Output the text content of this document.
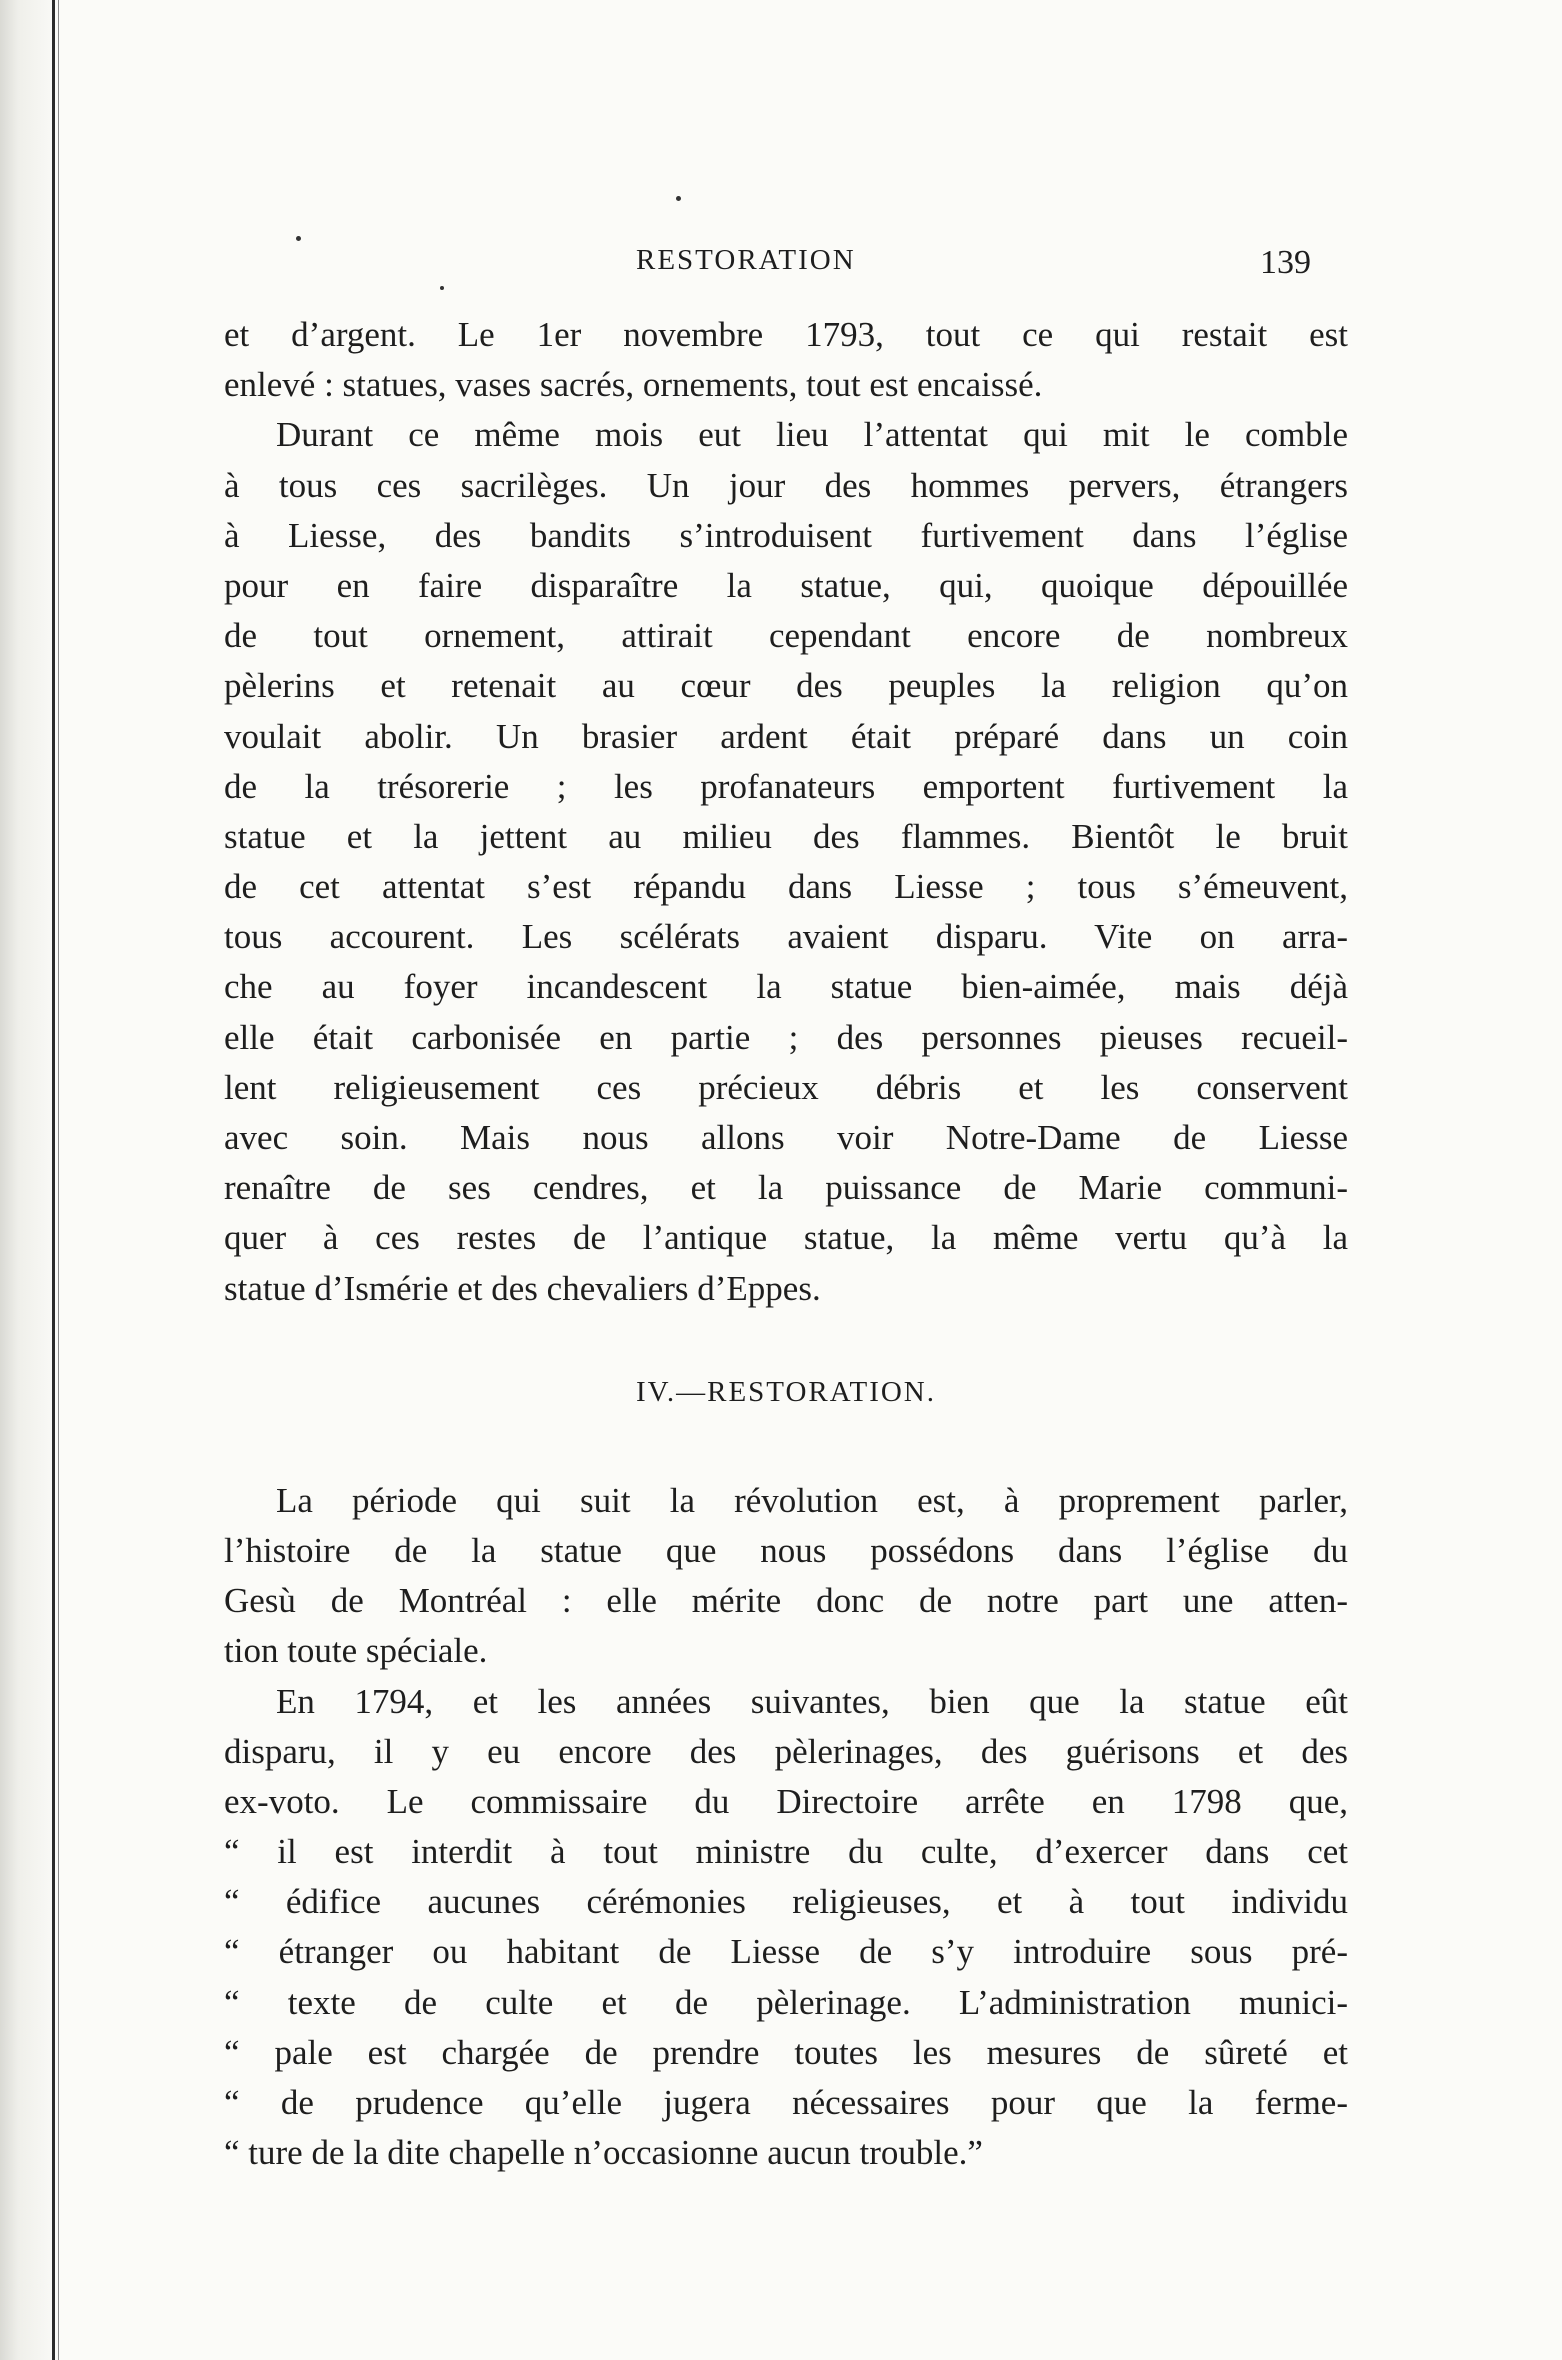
RESTORATION	139
et d’argent. Le 1er novembre 1793, tout ce qui restait est
enlevé : statues, vases sacrés, ornements, tout est encaissé.
Durant ce même mois eut lieu l’attentat qui mit le comble
à tous ces sacrilèges. Un jour des hommes pervers, étrangers
à Liesse, des bandits s’introduisent furtivement dans l’église
pour en faire disparaître la statue, qui, quoique dépouillée
de tout ornement, attirait cependant encore de nombreux
pèlerins et retenait au cœur des peuples la religion qu’on
voulait abolir. Un brasier ardent était préparé dans un coin
de la trésorerie ; les profanateurs emportent furtivement la
statue et la jettent au milieu des flammes. Bientôt le bruit
de cet attentat s’est répandu dans Liesse ; tous s’émeuvent,
tous accourent. Les scélérats avaient disparu. Vite on arra-
che au foyer incandescent la statue bien-aimée, mais déjà
elle était carbonisée en partie ; des personnes pieuses recueil-
lent religieusement ces précieux débris et les conservent
avec soin. Mais nous allons voir Notre-Dame de Liesse
renaître de ses cendres, et la puissance de Marie communi-
quer à ces restes de l’antique statue, la même vertu qu’à la
statue d’Ismérie et des chevaliers d’Eppes.
IV.—RESTORATION.
La période qui suit la révolution est, à proprement parler,
l’histoire de la statue que nous possédons dans l’église du
Gesù de Montréal : elle mérite donc de notre part une atten-
tion toute spéciale.
En 1794, et les années suivantes, bien que la statue eût
disparu, il y eu encore des pèlerinages, des guérisons et des
ex-voto. Le commissaire du Directoire arrête en 1798 que,
“ il est interdit à tout ministre du culte, d’exercer dans cet
“ édifice aucunes cérémonies religieuses, et à tout individu
“ étranger ou habitant de Liesse de s’y introduire sous pré-
“ texte de culte et de pèlerinage. L’administration munici-
“ pale est chargée de prendre toutes les mesures de sûreté et
“ de prudence qu’elle jugera nécessaires pour que la ferme-
“ ture de la dite chapelle n’occasionne aucun trouble.”
